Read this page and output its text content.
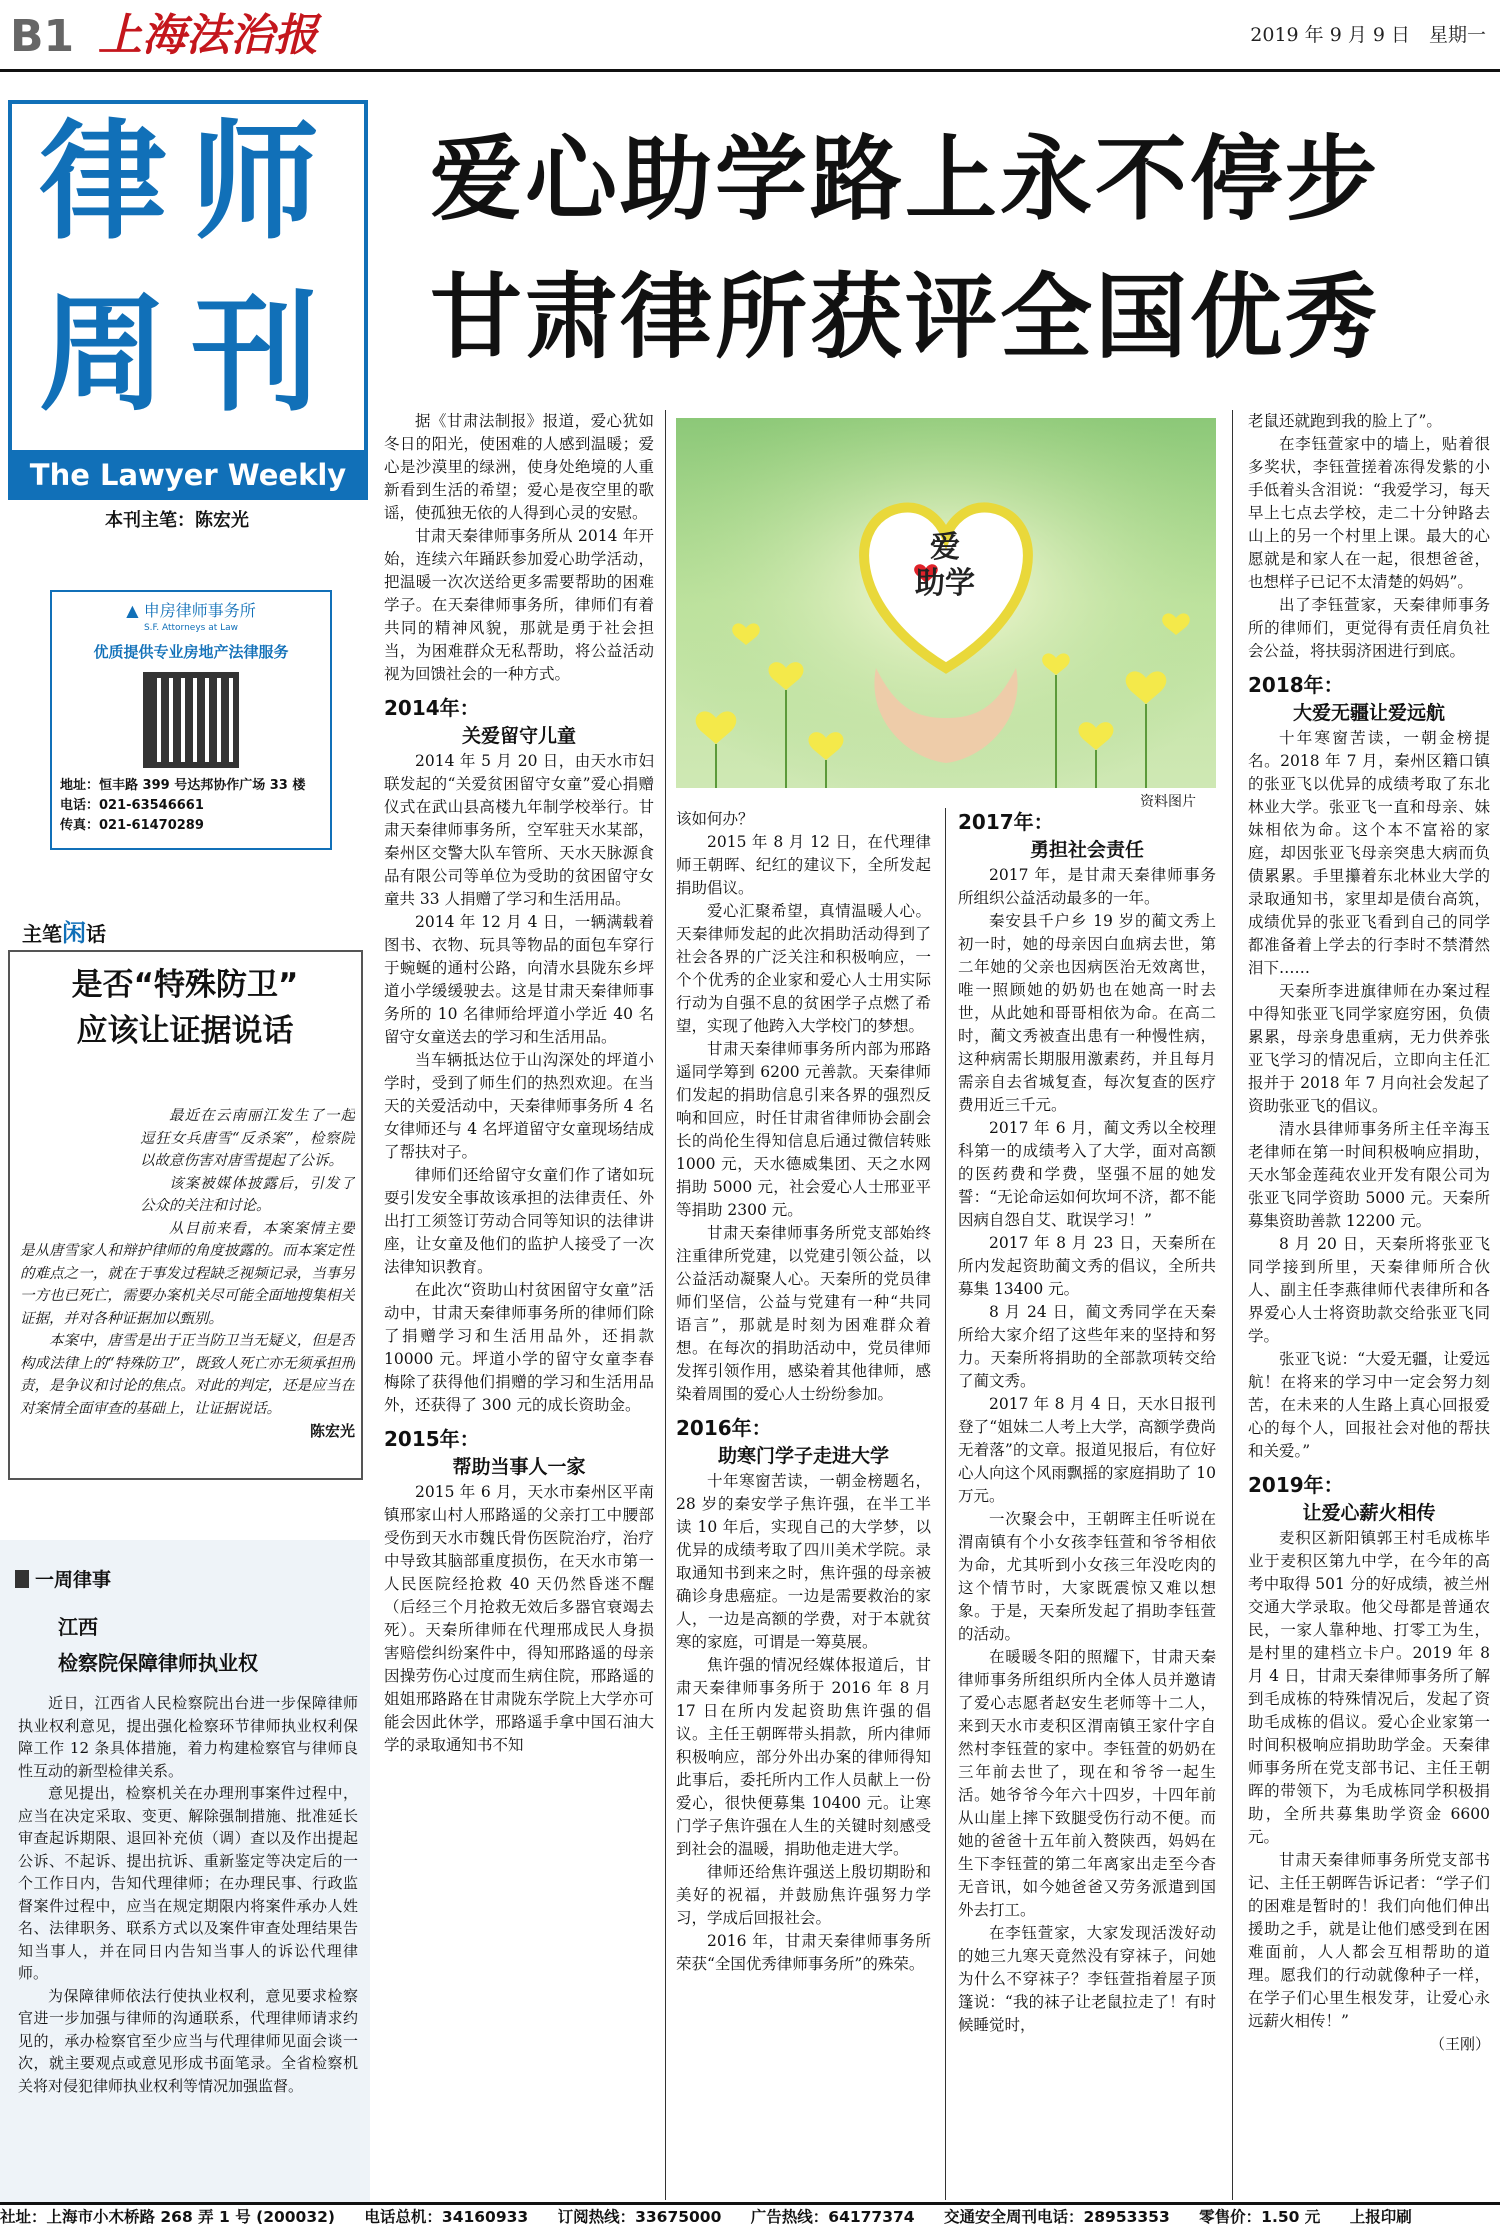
B1 上海法治报	2019 年 9 月 9 日　星期一
律师
周刊
The Lawyer Weekly
本刊主笔：陈宏光
爱心助学路上永不停步
甘肃律所获评全国优秀
▲ 申房律师事务所
S.F. Attorneys at Law
优质提供专业房地产法律服务
地址：恒丰路 399 号达邦协作广场 33 楼
电话：021-63546661
传真：021-61470289
主笔闲话
是否“特殊防卫”
应该让证据说话

最近在云南丽江发生了一起逗狂女兵唐雪“反杀案”，检察院以故意伤害对唐雪提起了公诉。

该案被媒体披露后，引发了公众的关注和讨论。

从目前来看，本案案情主要是从唐雪家人和辩护律师的角度披露的。而本案定性的难点之一，就在于事发过程缺乏视频记录，当事另一方也已死亡，需要办案机关尽可能全面地搜集相关证据，并对各种证据加以甄别。

本案中，唐雪是出于正当防卫当无疑义，但是否构成法律上的“特殊防卫”，既致人死亡亦无须承担刑责，是争议和讨论的焦点。对此的判定，还是应当在对案情全面审查的基础上，让证据说话。

陈宏光
一周律事
江西
检察院保障律师执业权

近日，江西省人民检察院出台进一步保障律师执业权利意见，提出强化检察环节律师执业权利保障工作 12 条具体措施，着力构建检察官与律师良性互动的新型检律关系。

意见提出，检察机关在办理刑事案件过程中，应当在决定采取、变更、解除强制措施、批准延长审查起诉期限、退回补充侦（调）查以及作出提起公诉、不起诉、提出抗诉、重新鉴定等决定后的一个工作日内，告知代理律师；在办理民事、行政监督案件过程中，应当在规定期限内将案件承办人姓名、法律职务、联系方式以及案件审查处理结果告知当事人，并在同日内告知当事人的诉讼代理律师。

为保障律师依法行使执业权利，意见要求检察官进一步加强与律师的沟通联系，代理律师请求约见的，承办检察官至少应当与代理律师见面会谈一次，就主要观点或意见形成书面笔录。全省检察机关将对侵犯律师执业权利等情况加强监督。

爱
助学
资料图片

据《甘肃法制报》报道，爱心犹如冬日的阳光，使困难的人感到温暖；爱心是沙漠里的绿洲，使身处绝境的人重新看到生活的希望；爱心是夜空里的歌谣，使孤独无依的人得到心灵的安慰。

甘肃天秦律师事务所从 2014 年开始，连续六年踊跃参加爱心助学活动，把温暖一次次送给更多需要帮助的困难学子。在天秦律师事务所，律师们有着共同的精神风貌，那就是勇于社会担当，为困难群众无私帮助，将公益活动视为回馈社会的一种方式。

2014年：
关爱留守儿童

2014 年 5 月 20 日，由天水市妇联发起的“关爱贫困留守女童”爱心捐赠仪式在武山县高楼九年制学校举行。甘肃天秦律师事务所，空军驻天水某部，秦州区交警大队车管所、天水天脉源食品有限公司等单位为受助的贫困留守女童共 33 人捐赠了学习和生活用品。

2014 年 12 月 4 日，一辆满载着图书、衣物、玩具等物品的面包车穿行于蜿蜒的通村公路，向清水县陇东乡坪道小学缓缓驶去。这是甘肃天秦律师事务所的 10 名律师给坪道小学近 40 名留守女童送去的学习和生活用品。

当车辆抵达位于山沟深处的坪道小学时，受到了师生们的热烈欢迎。在当天的关爱活动中，天秦律师事务所 4 名女律师还与 4 名坪道留守女童现场结成了帮扶对子。

律师们还给留守女童们作了诸如玩耍引发安全事故该承担的法律责任、外出打工须签订劳动合同等知识的法律讲座，让女童及他们的监护人接受了一次法律知识教育。

在此次“资助山村贫困留守女童”活动中，甘肃天秦律师事务所的律师们除了捐赠学习和生活用品外，还捐款 10000 元。坪道小学的留守女童李春梅除了获得他们捐赠的学习和生活用品外，还获得了 300 元的成长资助金。

2015年：
帮助当事人一家

2015 年 6 月，天水市秦州区平南镇邢家山村人邢路遥的父亲打工中腰部受伤到天水市魏氏骨伤医院治疗，治疗中导致其脑部重度损伤，在天水市第一人民医院经抢救 40 天仍然昏迷不醒（后经三个月抢救无效后多器官衰竭去死）。天秦所律师在代理邢成民人身损害赔偿纠纷案件中，得知邢路遥的母亲因操劳伤心过度而生病住院，邢路遥的姐姐邢路路在甘肃陇东学院上大学亦可能会因此休学，邢路遥手拿中国石油大学的录取通知书不知

该如何办？

2015 年 8 月 12 日，在代理律师王朝晖、纪红的建议下，全所发起捐助倡议。

爱心汇聚希望，真情温暖人心。天秦律师发起的此次捐助活动得到了社会各界的广泛关注和积极响应，一个个优秀的企业家和爱心人士用实际行动为自强不息的贫困学子点燃了希望，实现了他跨入大学校门的梦想。

甘肃天秦律师事务所内部为邢路遥同学筹到 6200 元善款。天秦律师们发起的捐助信息引来各界的强烈反响和回应，时任甘肃省律师协会副会长的尚伦生得知信息后通过微信转账 1000 元，天水德威集团、天之水网捐助 5000 元，社会爱心人士邢亚平等捐助 2300 元。

甘肃天秦律师事务所党支部始终注重律所党建，以党建引领公益，以公益活动凝聚人心。天秦所的党员律师们坚信，公益与党建有一种“共同语言”，那就是时刻为困难群众着想。在每次的捐助活动中，党员律师发挥引领作用，感染着其他律师，感染着周围的爱心人士纷纷参加。

2016年：
助寒门学子走进大学

十年寒窗苦读，一朝金榜题名，28 岁的秦安学子焦许强，在半工半读 10 年后，实现自己的大学梦，以优异的成绩考取了四川美术学院。录取通知书到来之时，焦许强的母亲被确诊身患癌症。一边是需要救治的家人，一边是高额的学费，对于本就贫寒的家庭，可谓是一筹莫展。

焦许强的情况经媒体报道后，甘肃天秦律师事务所于 2016 年 8 月 17 日在所内发起资助焦许强的倡议。主任王朝晖带头捐款，所内律师积极响应，部分外出办案的律师得知此事后，委托所内工作人员献上一份爱心，很快便募集 10400 元。让寒门学子焦许强在人生的关键时刻感受到社会的温暖，捐助他走进大学。

律师还给焦许强送上殷切期盼和美好的祝福，并鼓励焦许强努力学习，学成后回报社会。

2016 年，甘肃天秦律师事务所荣获“全国优秀律师事务所”的殊荣。

2017年：
勇担社会责任

2017 年，是甘肃天秦律师事务所组织公益活动最多的一年。

秦安县千户乡 19 岁的蔺文秀上初一时，她的母亲因白血病去世，第二年她的父亲也因病医治无效离世，唯一照顾她的奶奶也在她高一时去世，从此她和哥哥相依为命。在高二时，蔺文秀被查出患有一种慢性病，这种病需长期服用激素药，并且每月需亲自去省城复查，每次复查的医疗费用近三千元。

2017 年 6 月，蔺文秀以全校理科第一的成绩考入了大学，面对高额的医药费和学费，坚强不屈的她发誓：“无论命运如何坎坷不济，都不能因病自怨自艾、耽误学习！”

2017 年 8 月 23 日，天秦所在所内发起资助蔺文秀的倡议，全所共募集 13400 元。

8 月 24 日，蔺文秀同学在天秦所给大家介绍了这些年来的坚持和努力。天秦所将捐助的全部款项转交给了蔺文秀。

2017 年 8 月 4 日，天水日报刊登了“姐妹二人考上大学，高额学费尚无着落”的文章。报道见报后，有位好心人向这个风雨飘摇的家庭捐助了 10 万元。

一次聚会中，王朝晖主任听说在渭南镇有个小女孩李钰萱和爷爷相依为命，尤其听到小女孩三年没吃肉的这个情节时，大家既震惊又难以想象。于是，天秦所发起了捐助李钰萱的活动。

在暖暖冬阳的照耀下，甘肃天秦律师事务所组织所内全体人员并邀请了爱心志愿者赵安生老师等十二人，来到天水市麦积区渭南镇王家什字自然村李钰萱的家中。李钰萱的奶奶在三年前去世了，现在和爷爷一起生活。她爷爷今年六十四岁，十四年前从山崖上摔下致腿受伤行动不便。而她的爸爸十五年前入赘陕西，妈妈在生下李钰萱的第二年离家出走至今杳无音讯，如今她爸爸又劳务派遣到国外去打工。

在李钰萱家，大家发现活泼好动的她三九寒天竟然没有穿袜子，问她为什么不穿袜子？李钰萱指着屋子顶篷说：“我的袜子让老鼠拉走了！有时候睡觉时，

老鼠还就跑到我的脸上了”。

在李钰萱家中的墙上，贴着很多奖状，李钰萱搓着冻得发紫的小手低着头含泪说：“我爱学习，每天早上七点去学校，走二十分钟路去山上的另一个村里上课。最大的心愿就是和家人在一起，很想爸爸，也想样子已记不太清楚的妈妈”。

出了李钰萱家，天秦律师事务所的律师们，更觉得有责任肩负社会公益，将扶弱济困进行到底。

2018年：
大爱无疆让爱远航

十年寒窗苦读，一朝金榜提名。2018 年 7 月，秦州区籍口镇的张亚飞以优异的成绩考取了东北林业大学。张亚飞一直和母亲、妹妹相依为命。这个本不富裕的家庭，却因张亚飞母亲突患大病而负债累累。手里攥着东北林业大学的录取通知书，家里却是债台高筑，成绩优异的张亚飞看到自己的同学都准备着上学去的行李时不禁潸然泪下……

天秦所李进旗律师在办案过程中得知张亚飞同学家庭穷困，负债累累，母亲身患重病，无力供养张亚飞学习的情况后，立即向主任汇报并于 2018 年 7 月向社会发起了资助张亚飞的倡议。

清水县律师事务所主任辛海玉老律师在第一时间积极响应捐助，天水邹金莲莼农业开发有限公司为张亚飞同学资助 5000 元。天秦所募集资助善款 12200 元。

8 月 20 日，天秦所将张亚飞同学接到所里，天秦律师所合伙人、副主任李燕律师代表律所和各界爱心人士将资助款交给张亚飞同学。

张亚飞说：“大爱无疆，让爱远航！在将来的学习中一定会努力刻苦，在未来的人生路上真心回报爱心的每个人，回报社会对他的帮扶和关爱。”

2019年：
让爱心薪火相传

麦积区新阳镇郭王村毛成栋毕业于麦积区第九中学，在今年的高考中取得 501 分的好成绩，被兰州交通大学录取。他父母都是普通农民，一家人靠种地、打零工为生，是村里的建档立卡户。2019 年 8 月 4 日，甘肃天秦律师事务所了解到毛成栋的特殊情况后，发起了资助毛成栋的倡议。爱心企业家第一时间积极响应捐助助学金。天秦律师事务所在党支部书记、主任王朝晖的带领下，为毛成栋同学积极捐助，全所共募集助学资金 6600 元。

甘肃天秦律师事务所党支部书记、主任王朝晖告诉记者：“学子们的困难是暂时的！我们向他们伸出援助之手，就是让他们感受到在困难面前，人人都会互相帮助的道理。愿我们的行动就像种子一样，在学子们心里生根发芽，让爱心永远薪火相传！”

（王刚）
社址：上海市小木桥路 268 弄 1 号 (200032) 电话总机：34160933 订阅热线：33675000 广告热线：64177374 交通安全周刊电话：28953353 零售价：1.50 元 上报印刷
